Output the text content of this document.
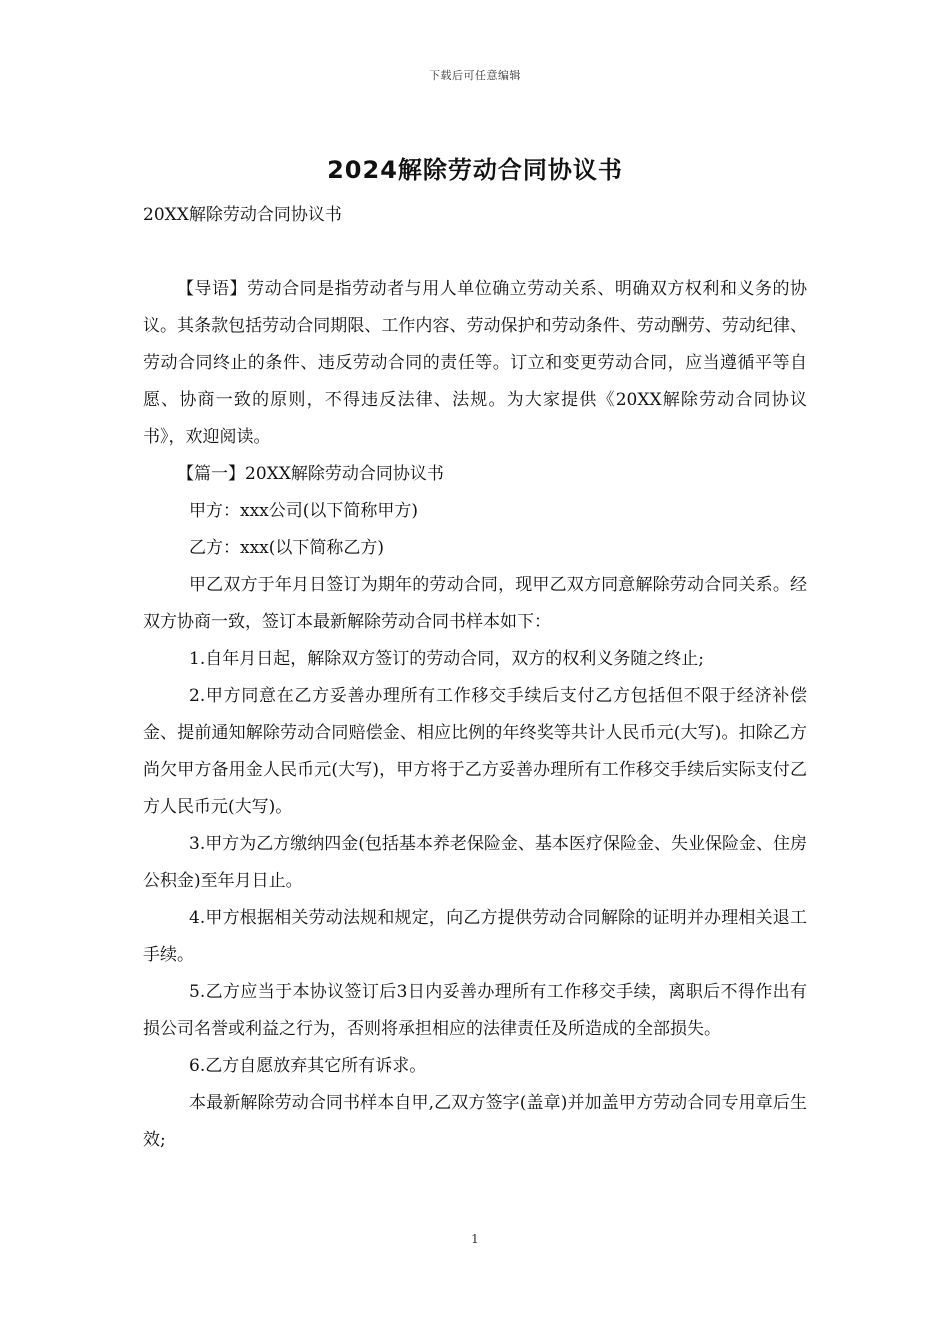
下载后可任意编辑
2024解除劳动合同协议书

20XX解除劳动合同协议书

【导语】劳动合同是指劳动者与用人单位确立劳动关系、明确双方权利和义务的协议。其条款包括劳动合同期限、工作内容、劳动保护和劳动条件、劳动酬劳、劳动纪律、劳动合同终止的条件、违反劳动合同的责任等。订立和变更劳动合同，应当遵循平等自愿、协商一致的原则，不得违反法律、法规。为大家提供《20XX解除劳动合同协议书》，欢迎阅读。

【篇一】20XX解除劳动合同协议书

甲方：xxx公司(以下简称甲方)

乙方：xxx(以下简称乙方)

甲乙双方于年月日签订为期年的劳动合同，现甲乙双方同意解除劳动合同关系。经双方协商一致，签订本最新解除劳动合同书样本如下：

1.自年月日起，解除双方签订的劳动合同，双方的权利义务随之终止;

2.甲方同意在乙方妥善办理所有工作移交手续后支付乙方包括但不限于经济补偿金、提前通知解除劳动合同赔偿金、相应比例的年终奖等共计人民币元(大写)。扣除乙方尚欠甲方备用金人民币元(大写)，甲方将于乙方妥善办理所有工作移交手续后实际支付乙方人民币元(大写)。

3.甲方为乙方缴纳四金(包括基本养老保险金、基本医疗保险金、失业保险金、住房公积金)至年月日止。

4.甲方根据相关劳动法规和规定，向乙方提供劳动合同解除的证明并办理相关退工手续。

5.乙方应当于本协议签订后3日内妥善办理所有工作移交手续，离职后不得作出有损公司名誉或利益之行为，否则将承担相应的法律责任及所造成的全部损失。

6.乙方自愿放弃其它所有诉求。

本最新解除劳动合同书样本自甲,乙双方签字(盖章)并加盖甲方劳动合同专用章后生效;

1
